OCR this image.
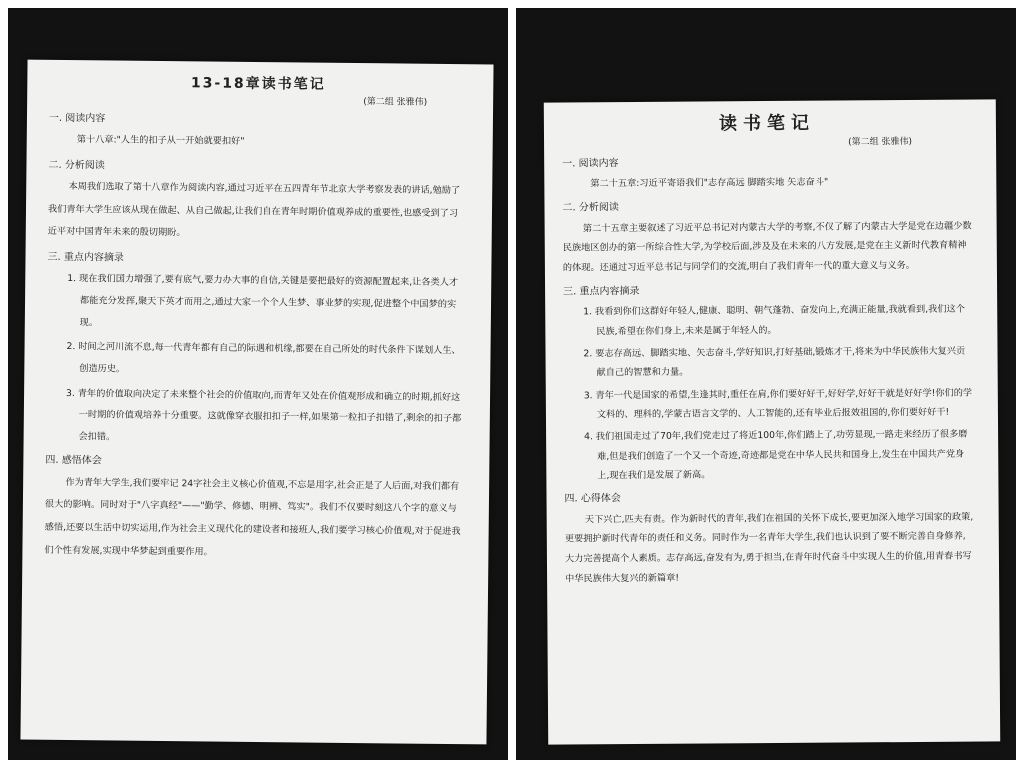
13-18章读书笔记
(第二组 张雅伟)
一. 阅读内容
第十八章:"人生的扣子从一开始就要扣好"
二. 分析阅读

本周我们选取了第十八章作为阅读内容,通过习近平在五四青年节北京大学考察发表的讲话,勉励了我们青年大学生应该从现在做起、从自己做起,让我们自在青年时期价值观养成的重要性,也感受到了习近平对中国青年未来的殷切期盼。

三. 重点内容摘录
1. 现在我们国力增强了,要有底气,要力办大事的自信,关键是要把最好的资源配置起来,让各类人才都能充分发挥,聚天下英才而用之,通过大家一个个人生梦、事业梦的实现,促进整个中国梦的实现。
2. 时间之河川流不息,每一代青年都有自己的际遇和机缘,都要在自己所处的时代条件下谋划人生、创造历史。
3. 青年的价值取向决定了未来整个社会的价值取向,而青年又处在价值观形成和确立的时期,抓好这一时期的价值观培养十分重要。这就像穿衣服扣扣子一样,如果第一粒扣子扣错了,剩余的扣子都会扣错。
四. 感悟体会

作为青年大学生,我们要牢记 24字社会主义核心价值观,不忘是用字,社会正是了人后面,对我们都有很大的影响。同时对于"八字真经"——"勤学、修德、明辨、笃实"。我们不仅要时刻这八个字的意义与感悟,还要以生活中切实运用,作为社会主义现代化的建设者和接班人,我们要学习核心价值观,对于促进我们个性有发展,实现中华梦起到重要作用。

读书笔记
(第二组 张雅伟)
一. 阅读内容
第二十五章:习近平寄语我们"志存高远 脚踏实地 矢志奋斗"
二. 分析阅读

第二十五章主要叙述了习近平总书记对内蒙古大学的考察,不仅了解了内蒙古大学是党在边疆少数民族地区创办的第一所综合性大学,为学校后面,涉及及在未来的八方发展,是党在主义新时代教育精神的体现。还通过习近平总书记与同学们的交流,明白了我们青年一代的重大意义与义务。

三. 重点内容摘录
1. 我看到你们这群好年轻人,健康、聪明、朝气蓬勃、奋发向上,充满正能量,我就看到,我们这个民族,希望在你们身上,未来是属于年轻人的。
2. 要志存高远、脚踏实地、矢志奋斗,学好知识,打好基础,锻炼才干,将来为中华民族伟大复兴贡献自己的智慧和力量。
3. 青年一代是国家的希望,生逢其时,重任在肩,你们要好好干,好好学,好好干就是好好学!你们的学文科的、理科的,学蒙古语言文学的、人工智能的,还有毕业后报效祖国的,你们要好好干!
4. 我们祖国走过了70年,我们党走过了将近100年,你们踏上了,功劳显现,一路走来经历了很多磨难,但是我们创造了一个又一个奇迹,奇迹都是党在中华人民共和国身上,发生在中国共产党身上,现在我们是发展了新高。
四. 心得体会

天下兴亡,匹夫有责。作为新时代的青年,我们在祖国的关怀下成长,要更加深入地学习国家的政策,更要拥护新时代青年的责任和义务。同时作为一名青年大学生,我们也认识到了要不断完善自身修养,大力完善提高个人素质。志存高远,奋发有为,勇于担当,在青年时代奋斗中实现人生的价值,用青春书写中华民族伟大复兴的新篇章!
